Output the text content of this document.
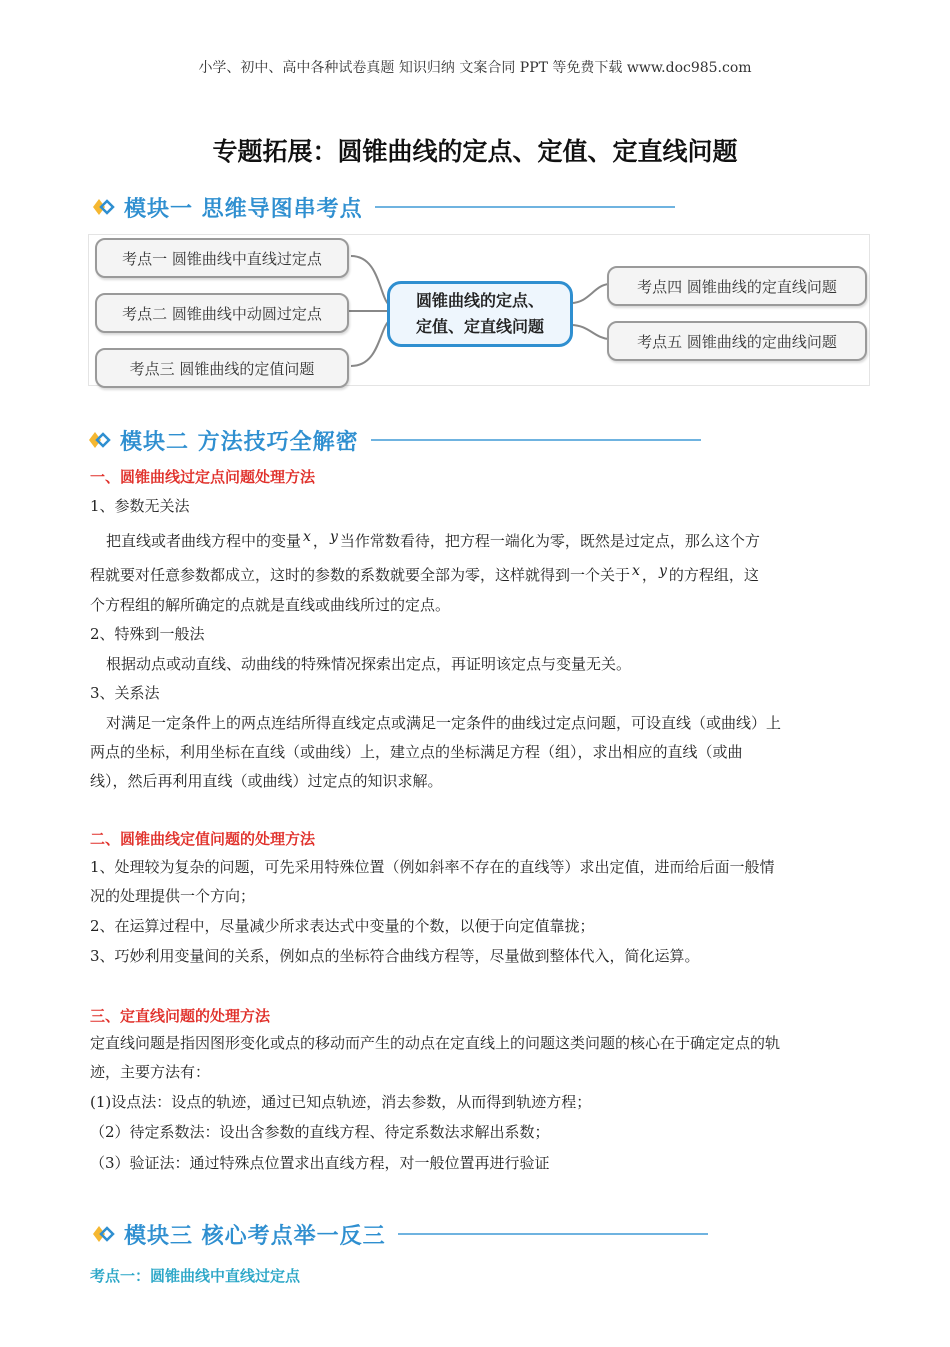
小学、初中、高中各种试卷真题 知识归纳 文案合同 PPT 等免费下载 www.doc985.com
专题拓展：圆锥曲线的定点、定值、定直线问题
模块一 思维导图串考点
考点一 圆锥曲线中直线过定点
考点二 圆锥曲线中动圆过定点
考点三 圆锥曲线的定值问题
圆锥曲线的定点、
定值、定直线问题
考点四 圆锥曲线的定直线问题
考点五 圆锥曲线的定曲线问题
模块二 方法技巧全解密
一、圆锥曲线过定点问题处理方法
1、参数无关法
把直线或者曲线方程中的变量 x ， y 当作常数看待，把方程一端化为零，既然是过定点，那么这个方
程就要对任意参数都成立，这时的参数的系数就要全部为零，这样就得到一个关于 x ， y 的方程组，这
个方程组的解所确定的点就是直线或曲线所过的定点。
2、特殊到一般法
根据动点或动直线、动曲线的特殊情况探索出定点，再证明该定点与变量无关。
3、关系法
对满足一定条件上的两点连结所得直线定点或满足一定条件的曲线过定点问题，可设直线（或曲线）上
两点的坐标，利用坐标在直线（或曲线）上，建立点的坐标满足方程（组），求出相应的直线（或曲
线），然后再利用直线（或曲线）过定点的知识求解。
二、圆锥曲线定值问题的处理方法
1、处理较为复杂的问题，可先采用特殊位置（例如斜率不存在的直线等）求出定值，进而给后面一般情
况的处理提供一个方向；
2、在运算过程中，尽量减少所求表达式中变量的个数，以便于向定值靠拢；
3、巧妙利用变量间的关系，例如点的坐标符合曲线方程等，尽量做到整体代入，简化运算。
三、定直线问题的处理方法
定直线问题是指因图形变化或点的移动而产生的动点在定直线上的问题这类问题的核心在于确定定点的轨
迹，主要方法有：
(1)设点法：设点的轨迹，通过已知点轨迹，消去参数，从而得到轨迹方程；
（2）待定系数法：设出含参数的直线方程、待定系数法求解出系数；
（3）验证法：通过特殊点位置求出直线方程，对一般位置再进行验证
模块三 核心考点举一反三
考点一：圆锥曲线中直线过定点
